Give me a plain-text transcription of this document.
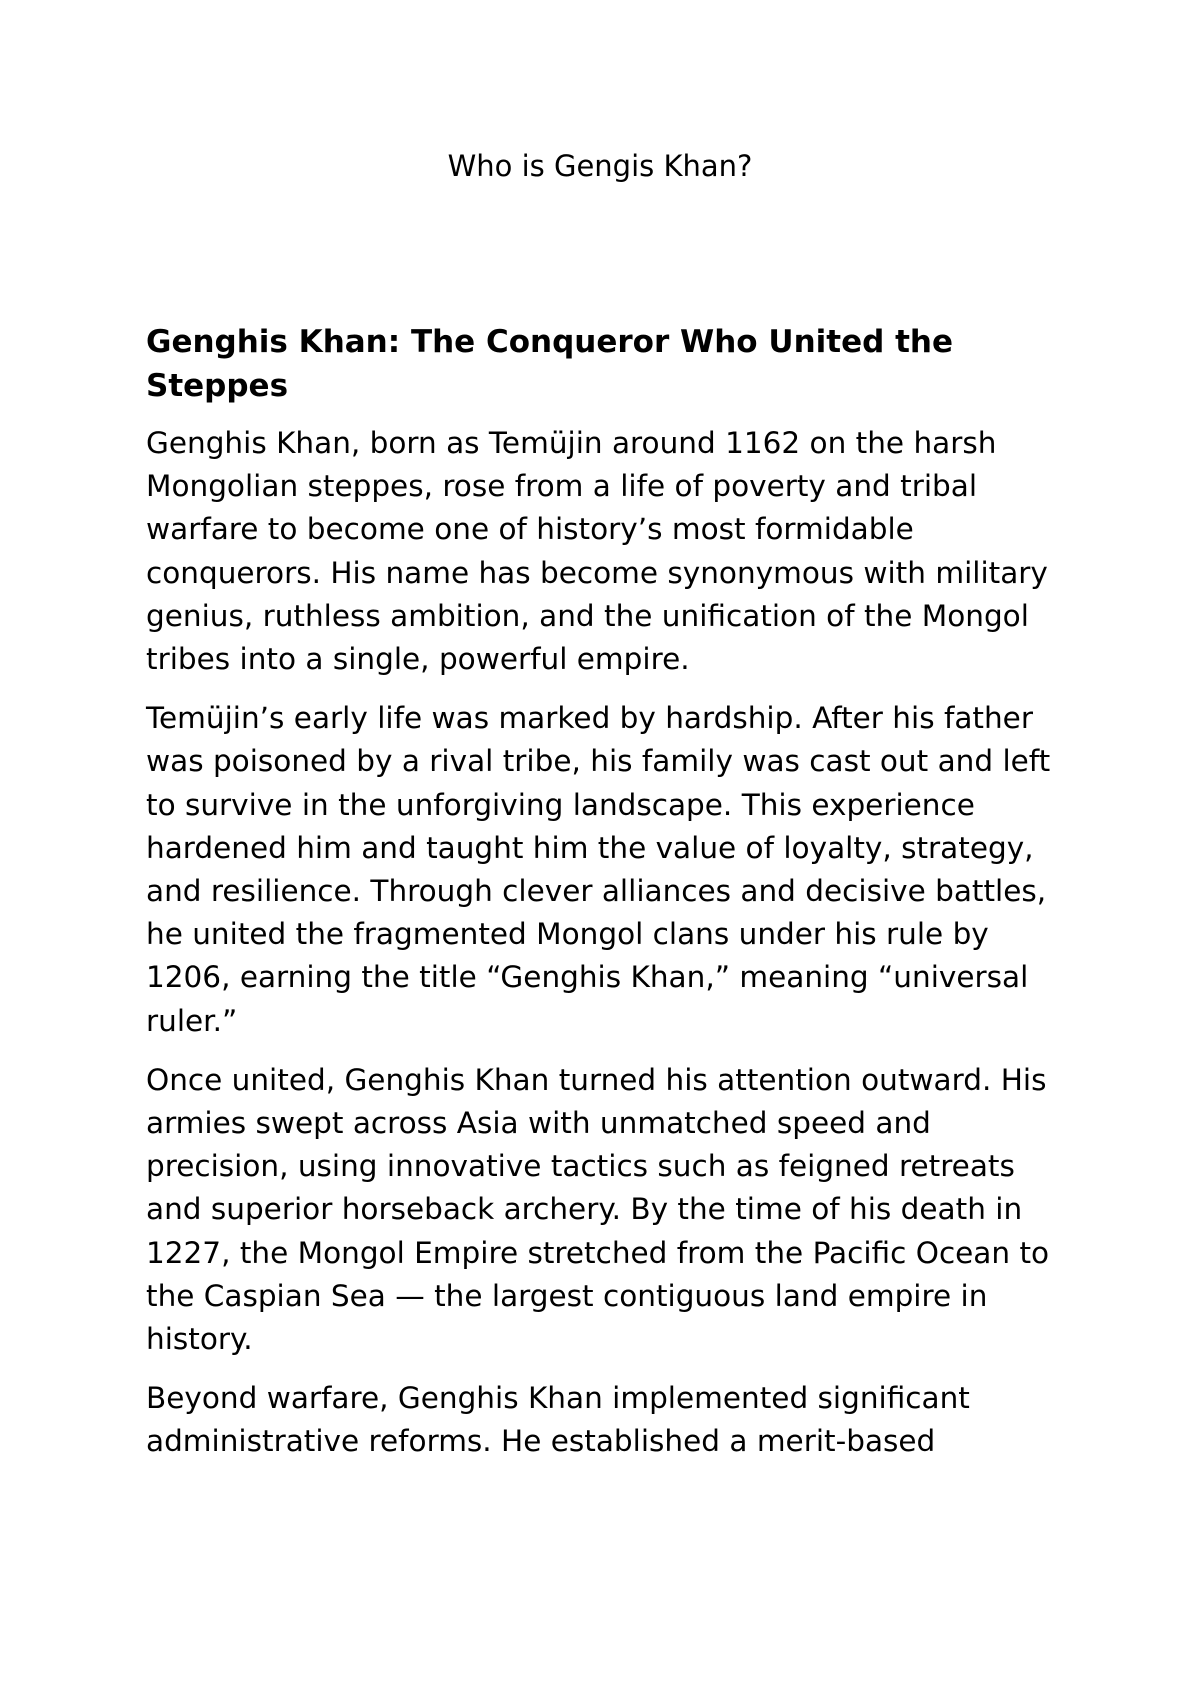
Who is Gengis Khan?
Genghis Khan: The Conqueror Who United the Steppes

Genghis Khan, born as Temüjin around 1162 on the harsh Mongolian steppes, rose from a life of poverty and tribal warfare to become one of history’s most formidable conquerors. His name has become synonymous with military genius, ruthless ambition, and the unification of the Mongol tribes into a single, powerful empire.

Temüjin’s early life was marked by hardship. After his father was poisoned by a rival tribe, his family was cast out and left to survive in the unforgiving landscape. This experience hardened him and taught him the value of loyalty, strategy, and resilience. Through clever alliances and decisive battles, he united the fragmented Mongol clans under his rule by 1206, earning the title “Genghis Khan,” meaning “universal ruler.”

Once united, Genghis Khan turned his attention outward. His armies swept across Asia with unmatched speed and precision, using innovative tactics such as feigned retreats and superior horseback archery. By the time of his death in 1227, the Mongol Empire stretched from the Pacific Ocean to the Caspian Sea — the largest contiguous land empire in history.

Beyond warfare, Genghis Khan implemented significant administrative reforms. He established a merit-based
